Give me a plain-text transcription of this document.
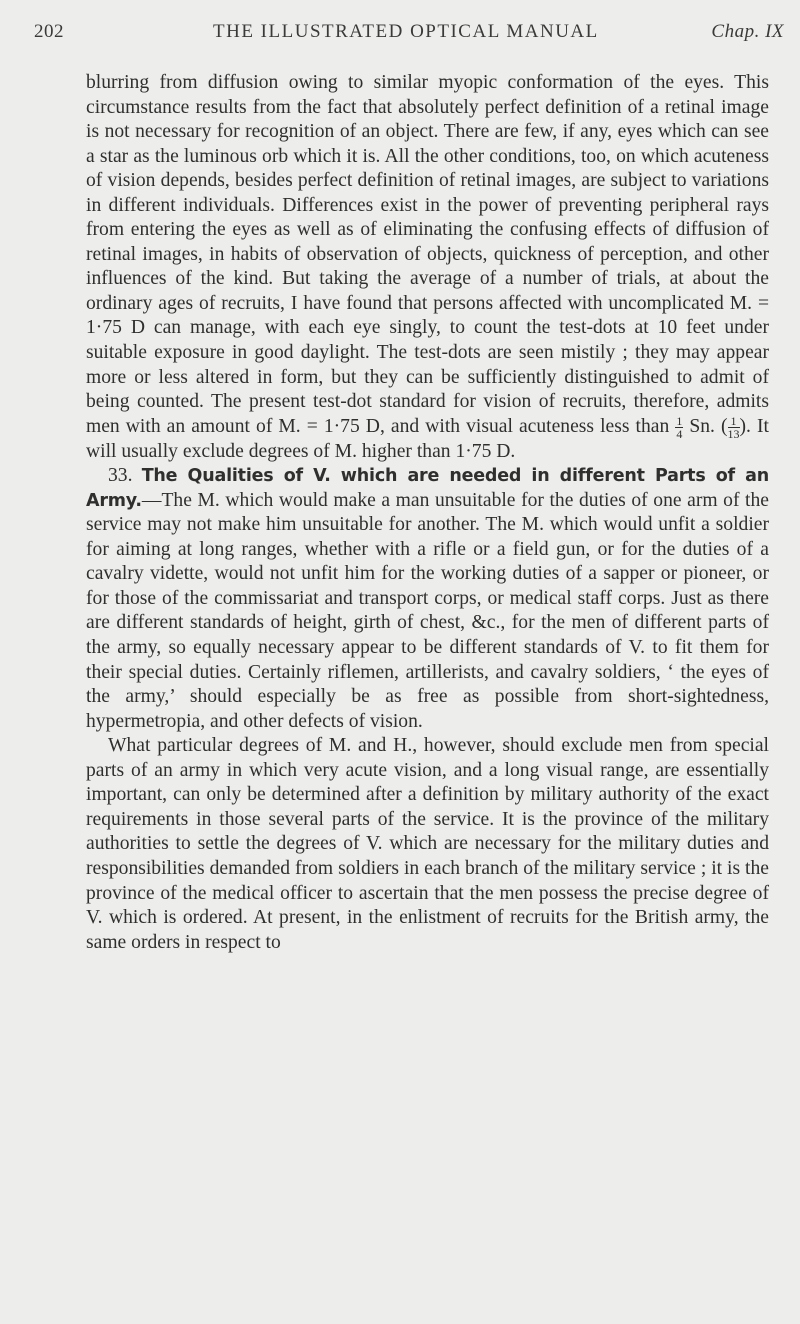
202	THE ILLUSTRATED OPTICAL MANUAL	Chap. IX

blurring from diffusion owing to similar myopic conformation of the eyes. This circumstance results from the fact that absolutely perfect definition of a retinal image is not necessary for recognition of an object. There are few, if any, eyes which can see a star as the luminous orb which it is. All the other conditions, too, on which acuteness of vision depends, besides perfect definition of retinal images, are subject to variations in different individuals. Differences exist in the power of preventing peripheral rays from entering the eyes as well as of eliminating the confusing effects of diffusion of retinal images, in habits of observation of objects, quickness of perception, and other influences of the kind. But taking the average of a number of trials, at about the ordinary ages of recruits, I have found that persons affected with uncomplicated M. = 1·75 D can manage, with each eye singly, to count the test-dots at 10 feet under suitable exposure in good daylight. The test-dots are seen mistily ; they may appear more or less altered in form, but they can be sufficiently distinguished to admit of being counted. The present test-dot standard for vision of recruits, therefore, admits men with an amount of M. = 1·75 D, and with visual acuteness less than $\frac{1}{4} Sn$. ( $\frac{1}{13}$ ). It will usually exclude degrees of M. higher than 1·75 D.

33. The Qualities of V. which are needed in different Parts of an Army.—The M. which would make a man unsuitable for the duties of one arm of the service may not make him unsuitable for another. The M. which would unfit a soldier for aiming at long ranges, whether with a rifle or a field gun, or for the duties of a cavalry vidette, would not unfit him for the working duties of a sapper or pioneer, or for those of the commissariat and transport corps, or medical staff corps. Just as there are different standards of height, girth of chest, &c., for the men of different parts of the army, so equally necessary appear to be different standards of V. to fit them for their special duties. Certainly riflemen, artillerists, and cavalry soldiers, ‘ the eyes of the army,’ should especially be as free as possible from short-sightedness, hypermetropia, and other defects of vision.

What particular degrees of M. and H., however, should exclude men from special parts of an army in which very acute vision, and a long visual range, are essentially important, can only be determined after a definition by military authority of the exact requirements in those several parts of the service. It is the province of the military authorities to settle the degrees of V. which are necessary for the military duties and responsibilities demanded from soldiers in each branch of the military service ; it is the province of the medical officer to ascertain that the men possess the precise degree of V. which is ordered. At present, in the enlistment of recruits for the British army, the same orders in respect to
